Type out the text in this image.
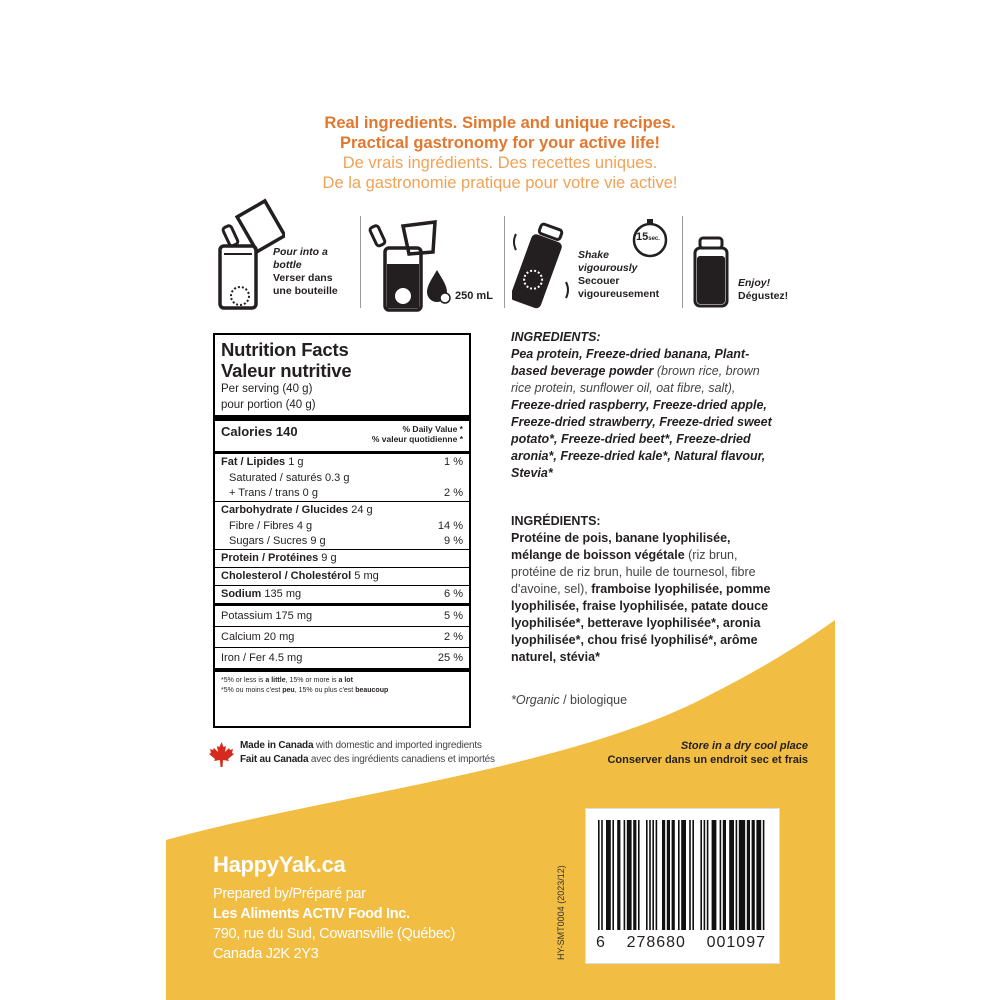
Real ingredients. Simple and unique recipes.
Practical gastronomy for your active life!
De vrais ingrédients. Des recettes uniques.
De la gastronomie pratique pour votre vie active!
Pour into a bottle
Verser dans une bouteille	250 mL
15sec.
Shake vigourously
Secouer vigoureusement
Enjoy!
Dégustez!
Nutrition Facts
Valeur nutritive
Per serving (40 g)
pour portion (40 g)
Calories 140	% Daily Value *
% valeur quotidienne *
Fat / Lipides 1 g	1 %
Saturated / saturés 0.3 g
+ Trans / trans 0 g	2 %
Carbohydrate / Glucides 24 g
Fibre / Fibres 4 g	14 %
Sugars / Sucres 9 g	9 %
Protein / Protéines 9 g
Cholesterol / Cholestérol 5 mg
Sodium 135 mg	6 %
Potassium 175 mg	5 %
Calcium 20 mg	2 %
Iron / Fer 4.5 mg	25 %
*5% or less is a little, 15% or more is a lot
*5% ou moins c'est peu, 15% ou plus c'est beaucoup
INGREDIENTS:
Pea protein, Freeze-dried banana, Plant-based beverage powder (brown rice, brown rice protein, sunflower oil, oat fibre, salt), Freeze-dried raspberry, Freeze-dried apple, Freeze-dried strawberry, Freeze-dried sweet potato*, Freeze-dried beet*, Freeze-dried aronia*, Freeze-dried kale*, Natural flavour, Stevia*
INGRÉDIENTS:
Protéine de pois, banane lyophilisée, mélange de boisson végétale (riz brun, protéine de riz brun, huile de tournesol, fibre d'avoine, sel), framboise lyophilisée, pomme lyophilisée, fraise lyophilisée, patate douce lyophilisée*, betterave lyophilisée*, aronia lyophilisée*, chou frisé lyophilisé*, arôme naturel, stévia*
*Organic / biologique
Made in Canada with domestic and imported ingredients
Fait au Canada avec des ingrédients canadiens et importés
Store in a dry cool place
Conserver dans un endroit sec et frais
HappyYak.ca
Prepared by/Préparé par
Les Aliments ACTIV Food Inc.
790, rue du Sud, Cowansville (Québec)
Canada J2K 2Y3	HY-SMT0004 (2023/12) 6 278680 001097
